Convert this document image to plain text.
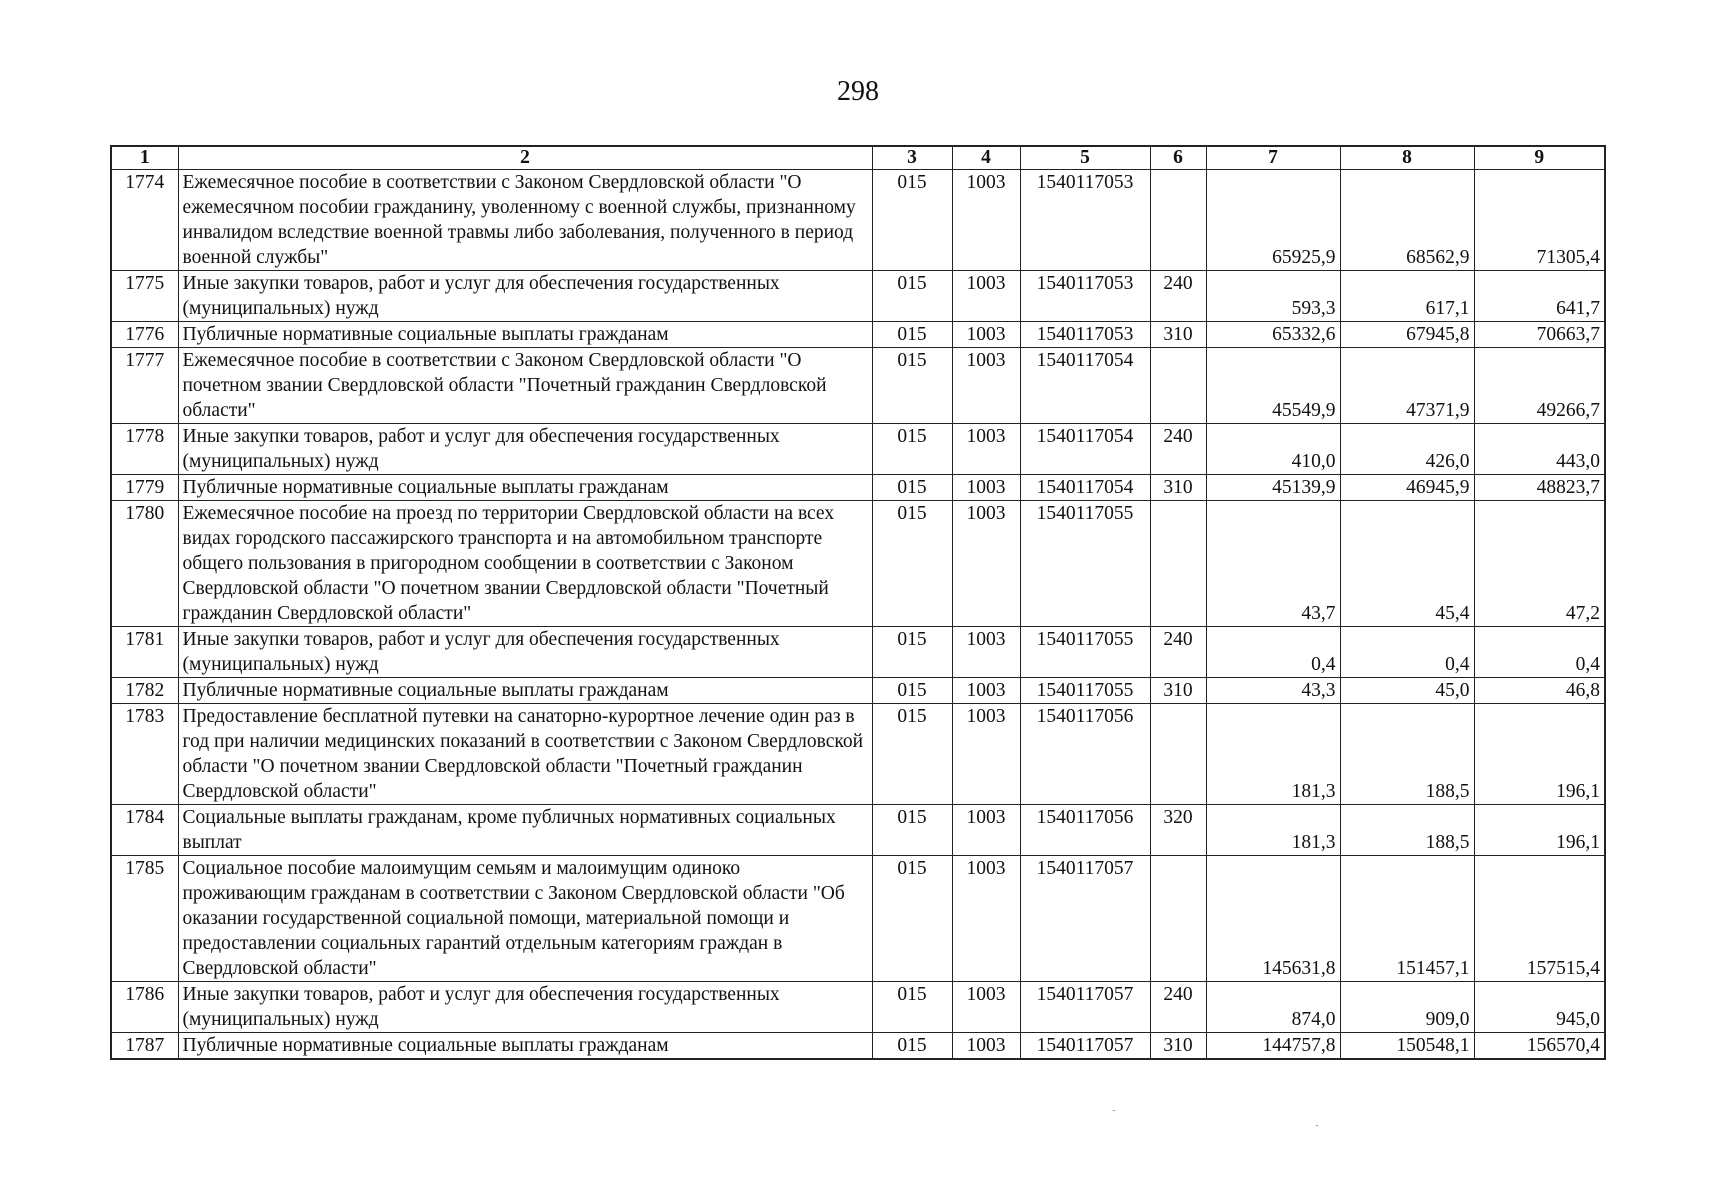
298
1	2	3	4	5	6	7	8	9
1774	Ежемесячное пособие в соответствии с Законом Свердловской области "О ежемесячном пособии гражданину, уволенному с военной службы, признанному инвалидом вследствие военной травмы либо заболевания, полученного в период военной службы"	015	1003	1540117053		65925,9	68562,9	71305,4
1775	Иные закупки товаров, работ и услуг для обеспечения государственных (муниципальных) нужд	015	1003	1540117053	240	593,3	617,1	641,7
1776	Публичные нормативные социальные выплаты гражданам	015	1003	1540117053	310	65332,6	67945,8	70663,7
1777	Ежемесячное пособие в соответствии с Законом Свердловской области "О почетном звании Свердловской области "Почетный гражданин Свердловской области"	015	1003	1540117054		45549,9	47371,9	49266,7
1778	Иные закупки товаров, работ и услуг для обеспечения государственных (муниципальных) нужд	015	1003	1540117054	240	410,0	426,0	443,0
1779	Публичные нормативные социальные выплаты гражданам	015	1003	1540117054	310	45139,9	46945,9	48823,7
1780	Ежемесячное пособие на проезд по территории Свердловской области на всех видах городского пассажирского транспорта и на автомобильном транспорте общего пользования в пригородном сообщении в соответствии с Законом Свердловской области "О почетном звании Свердловской области "Почетный гражданин Свердловской области"	015	1003	1540117055		43,7	45,4	47,2
1781	Иные закупки товаров, работ и услуг для обеспечения государственных (муниципальных) нужд	015	1003	1540117055	240	0,4	0,4	0,4
1782	Публичные нормативные социальные выплаты гражданам	015	1003	1540117055	310	43,3	45,0	46,8
1783	Предоставление бесплатной путевки на санаторно-курортное лечение один раз в год при наличии медицинских показаний в соответствии с Законом Свердловской области "О почетном звании Свердловской области "Почетный гражданин Свердловской области"	015	1003	1540117056		181,3	188,5	196,1
1784	Социальные выплаты гражданам, кроме публичных нормативных социальных выплат	015	1003	1540117056	320	181,3	188,5	196,1
1785	Социальное пособие малоимущим семьям и малоимущим одиноко проживающим гражданам в соответствии с Законом Свердловской области "Об оказании государственной социальной помощи, материальной помощи и предоставлении социальных гарантий отдельным категориям граждан в Свердловской области"	015	1003	1540117057		145631,8	151457,1	157515,4
1786	Иные закупки товаров, работ и услуг для обеспечения государственных (муниципальных) нужд	015	1003	1540117057	240	874,0	909,0	945,0
1787	Публичные нормативные социальные выплаты гражданам	015	1003	1540117057	310	144757,8	150548,1	156570,4
